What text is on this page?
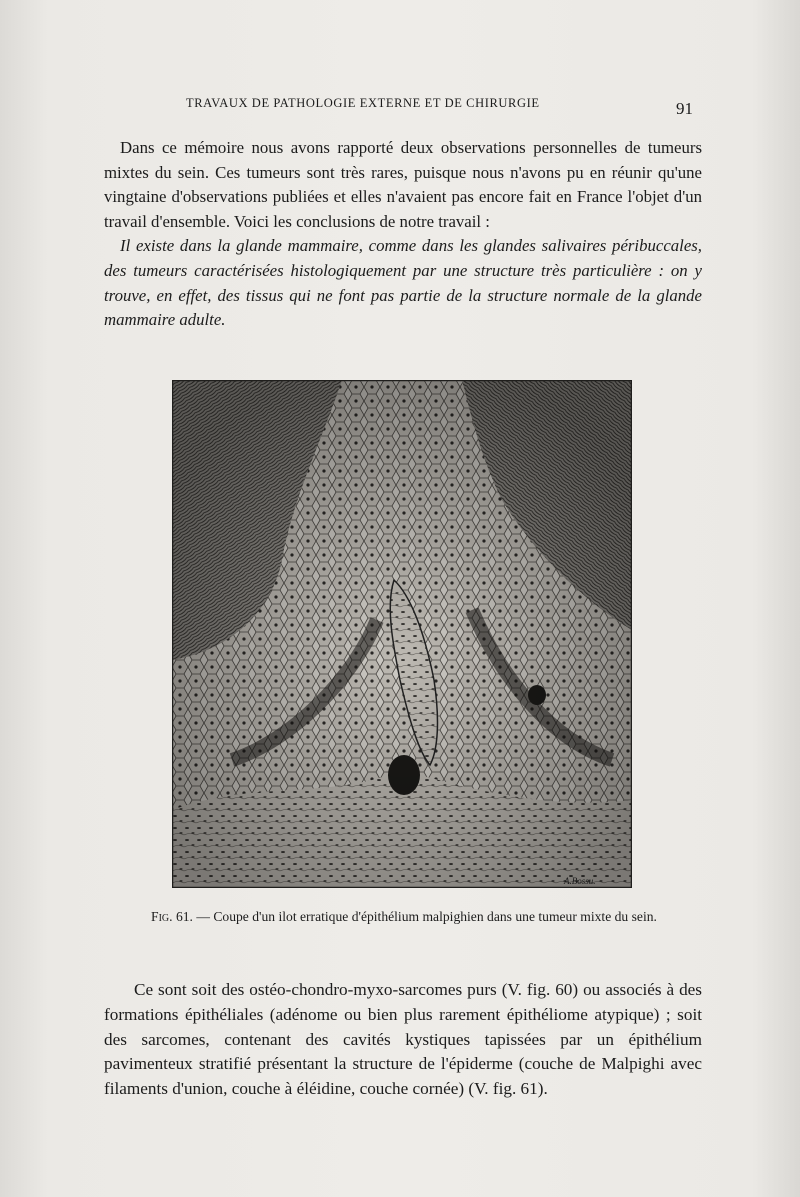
TRAVAUX DE PATHOLOGIE EXTERNE ET DE CHIRURGIE	91

Dans ce mémoire nous avons rapporté deux observations personnelles de tumeurs mixtes du sein. Ces tumeurs sont très rares, puisque nous n'avons pu en réunir qu'une vingtaine d'observations publiées et elles n'avaient pas encore fait en France l'objet d'un travail d'ensemble. Voici les conclusions de notre travail :

Il existe dans la glande mammaire, comme dans les glandes salivaires péribuccales, des tumeurs caractérisées histologiquement par une structure très particulière : on y trouve, en effet, des tissus qui ne font pas partie de la structure normale de la glande mammaire adulte.

A.Bossu.
Fig. 61. — Coupe d'un ilot erratique d'épithélium malpighien dans une tumeur mixte du sein.

Ce sont soit des ostéo-chondro-myxo-sarcomes purs (V. fig. 60) ou associés à des formations épithéliales (adénome ou bien plus rarement épithéliome atypique) ; soit des sarcomes, contenant des cavités kystiques tapissées par un épithélium pavimenteux stratifié présentant la structure de l'épiderme (couche de Malpighi avec filaments d'union, couche à éléidine, couche cornée) (V. fig. 61).
